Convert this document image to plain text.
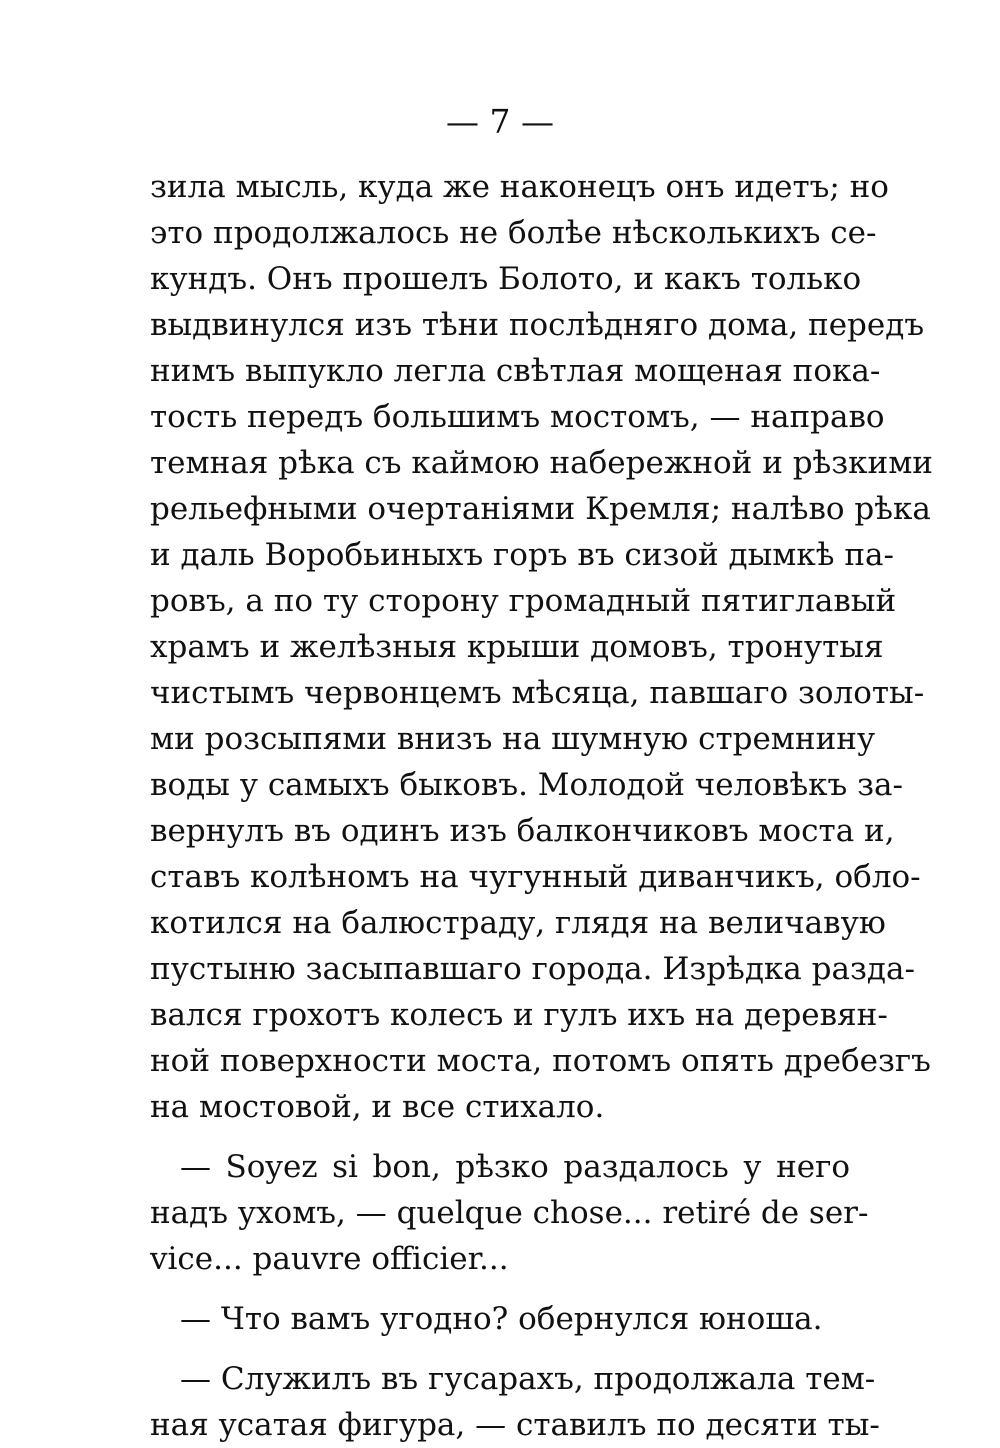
— 7 —
зила мысль, куда же наконецъ онъ идетъ; но
это продолжалось не болѣе нѣсколькихъ се-
кундъ. Онъ прошелъ Болото, и какъ только
выдвинулся изъ тѣни послѣдняго дома, передъ
нимъ выпукло легла свѣтлая мощеная пока-
тость передъ большимъ мостомъ, — направо
темная рѣка съ каймою набережной и рѣзкими
рельефными очертаніями Кремля; налѣво рѣка
и даль Воробьиныхъ горъ въ сизой дымкѣ па-
ровъ, а по ту сторону громадный пятиглавый
храмъ и желѣзныя крыши домовъ, тронутыя
чистымъ червонцемъ мѣсяца, павшаго золоты-
ми розсыпями внизъ на шумную стремнину
воды у самыхъ быковъ. Молодой человѣкъ за-
вернулъ въ одинъ изъ балкончиковъ моста и,
ставъ колѣномъ на чугунный диванчикъ, обло-
котился на балюстраду, глядя на величавую
пустыню засыпавшаго города. Изрѣдка разда-
вался грохотъ колесъ и гулъ ихъ на деревян-
ной поверхности моста, потомъ опять дребезгъ
на мостовой, и все стихало.
— Soyez si bon, рѣзко раздалось у него
надъ ухомъ, — quelque chose... retiré de ser-
vice... pauvre officier...
— Что вамъ угодно? обернулся юноша.
— Служилъ въ гусарахъ, продолжала тем-
ная усатая фигура, — ставилъ по десяти ты-
